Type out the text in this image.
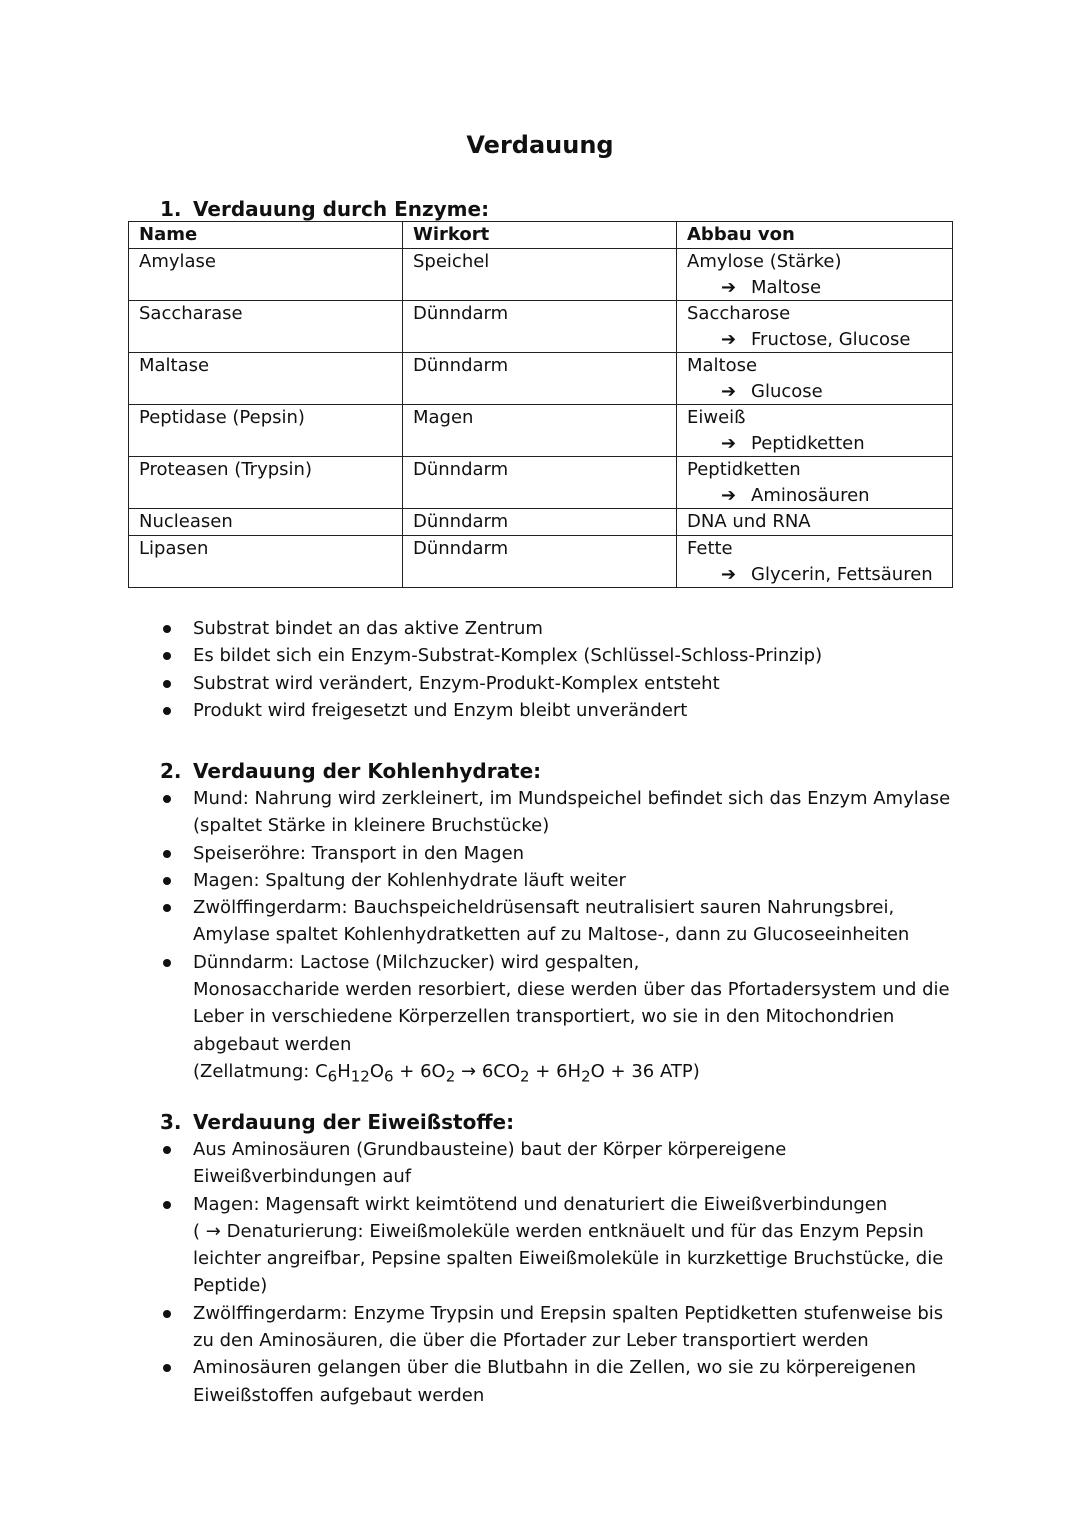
Verdauung
1. Verdauung durch Enzyme:
Name	Wirkort	Abbau von
Amylase	Speichel	Amylose (Stärke)
➔ Maltose

Saccharase	Dünndarm	Saccharose
➔ Fructose, Glucose

Maltase	Dünndarm	Maltose
➔ Glucose

Peptidase (Pepsin)	Magen	Eiweiß
➔ Peptidketten

Proteasen (Trypsin)	Dünndarm	Peptidketten
➔ Aminosäuren

Nucleasen	Dünndarm	DNA und RNA

Lipasen	Dünndarm	Fette
➔ Glycerin, Fettsäuren
Substrat bindet an das aktive Zentrum
Es bildet sich ein Enzym-Substrat-Komplex (Schlüssel-Schloss-Prinzip)
Substrat wird verändert, Enzym-Produkt-Komplex entsteht
Produkt wird freigesetzt und Enzym bleibt unverändert
2. Verdauung der Kohlenhydrate:
Mund: Nahrung wird zerkleinert, im Mundspeichel befindet sich das Enzym Amylase
(spaltet Stärke in kleinere Bruchstücke)
Speiseröhre: Transport in den Magen
Magen: Spaltung der Kohlenhydrate läuft weiter
Zwölffingerdarm: Bauchspeicheldrüsensaft neutralisiert sauren Nahrungsbrei,
Amylase spaltet Kohlenhydratketten auf zu Maltose-, dann zu Glucoseeinheiten
Dünndarm: Lactose (Milchzucker) wird gespalten,
Monosaccharide werden resorbiert, diese werden über das Pfortadersystem und die
Leber in verschiedene Körperzellen transportiert, wo sie in den Mitochondrien
abgebaut werden
(Zellatmung: $C_6H_{12}O_6 + 6O_2 \to 6CO_2 + 6H_2O + 36$ ATP)
3. Verdauung der Eiweißstoffe:
Aus Aminosäuren (Grundbausteine) baut der Körper körpereigene
Eiweißverbindungen auf
Magen: Magensaft wirkt keimtötend und denaturiert die Eiweißverbindungen
( → Denaturierung: Eiweißmoleküle werden entknäuelt und für das Enzym Pepsin
leichter angreifbar, Pepsine spalten Eiweißmoleküle in kurzkettige Bruchstücke, die
Peptide)
Zwölffingerdarm: Enzyme Trypsin und Erepsin spalten Peptidketten stufenweise bis
zu den Aminosäuren, die über die Pfortader zur Leber transportiert werden
Aminosäuren gelangen über die Blutbahn in die Zellen, wo sie zu körpereigenen
Eiweißstoffen aufgebaut werden
